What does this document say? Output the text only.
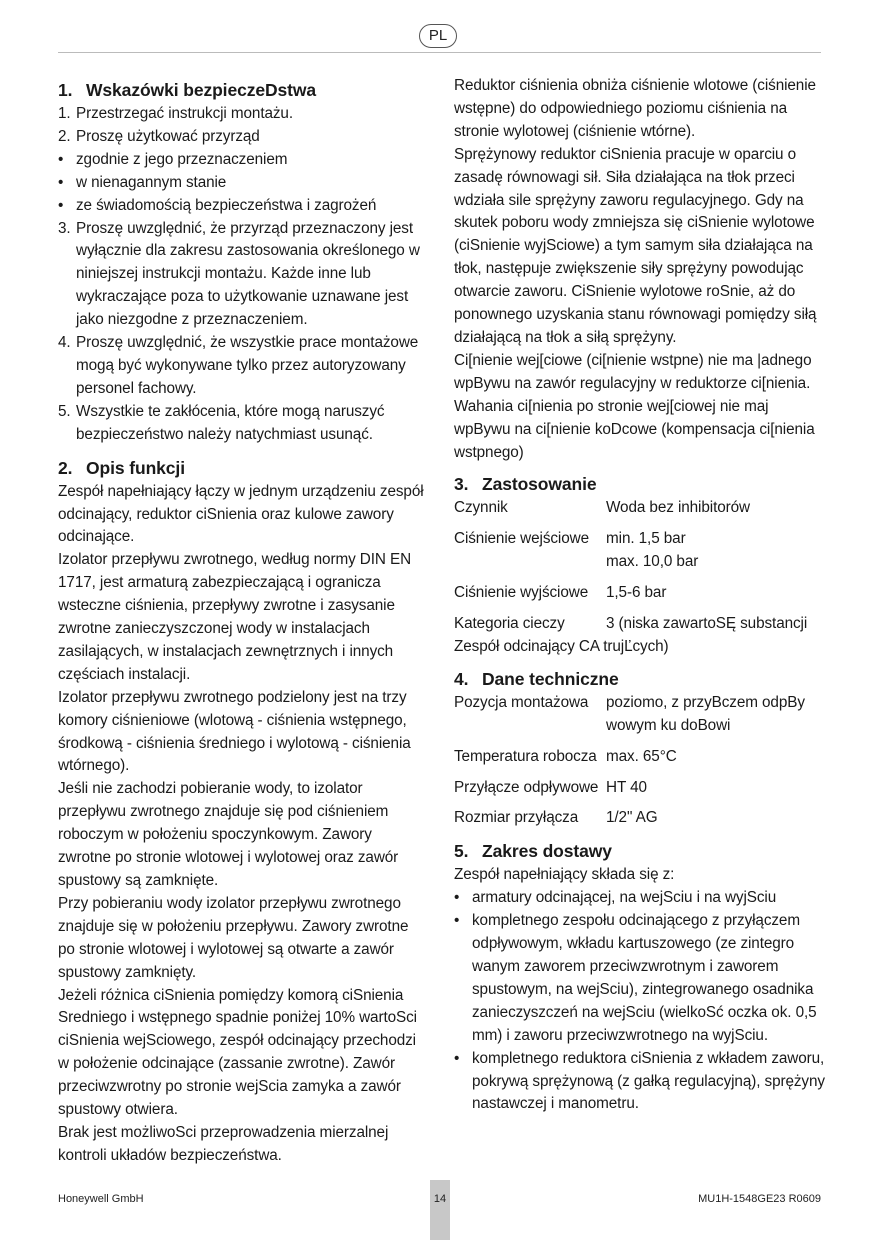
PL
1. Wskazówki bezpieczeDstwa
1. Przestrzegać instrukcji montażu.
2. Proszę użytkować przyrząd
• zgodnie z jego przeznaczeniem
• w nienagannym stanie
• ze świadomością bezpieczeństwa i zagrożeń
3. Proszę uwzględnić, że przyrząd przeznaczony jest wyłącznie dla zakresu zastosowania określonego w niniejszej instrukcji montażu. Każde inne lub wykraczające poza to użytkowanie uznawane jest jako niezgodne z przeznaczeniem.
4. Proszę uwzględnić, że wszystkie prace montażowe mogą być wykonywane tylko przez autoryzowany personel fachowy.
5. Wszystkie te zakłócenia, które mogą naruszyć bezpieczeństwo należy natychmiast usunąć.
2. Opis funkcji

Zespół napełniający łączy w jednym urządzeniu zespół odcinający, reduktor ciSnienia oraz kulowe zawory odcinające.

Izolator przepływu zwrotnego, według normy DIN EN 1717, jest armaturą zabezpieczającą i ogranicza wsteczne ciśnienia, przepływy zwrotne i zasysanie zwrotne zanieczyszczonej wody w instalacjach zasilających, w instalacjach zewnętrznych i innych częściach instalacji.

Izolator przepływu zwrotnego podzielony jest na trzy komory ciśnieniowe (wlotową - ciśnienia wstępnego, środkową - ciśnienia średniego i wylotową - ciśnienia wtórnego).

Jeśli nie zachodzi pobieranie wody, to izolator przepływu zwrotnego znajduje się pod ciśnieniem roboczym w położeniu spoczynkowym. Zawory zwrotne po stronie wlotowej i wylotowej oraz zawór spustowy są zamknięte.

Przy pobieraniu wody izolator przepływu zwrotnego znajduje się w położeniu przepływu. Zawory zwrotne po stronie wlotowej i wylotowej są otwarte a zawór spustowy zamknięty.

Jeżeli różnica ciSnienia pomiędzy komorą ciSnienia Sredniego i wstępnego spadnie poniżej 10% wartoSci ciSnienia wejSciowego, zespół odcinający przechodzi w położenie odcinające (zassanie zwrotne). Zawór przeciwzwrotny po stronie wejScia zamyka a zawór spustowy otwiera.

Brak jest możliwoSci przeprowadzenia mierzalnej kontroli układów bezpieczeństwa.

Reduktor ciśnienia obniża ciśnienie wlotowe (ciśnienie wstępne) do odpowiedniego poziomu ciśnienia na stronie wylotowej (ciśnienie wtórne).

Sprężynowy reduktor ciSnienia pracuje w oparciu o zasadę równowagi sił. Siła działająca na tłok przeci wdziała sile sprężyny zaworu regulacyjnego. Gdy na skutek poboru wody zmniejsza się ciSnienie wylotowe (ciSnienie wyjSciowe) a tym samym siła działająca na tłok, następuje zwiększenie siły sprężyny powodując otwarcie zaworu. CiSnienie wylotowe roSnie, aż do ponownego uzyskania stanu równowagi pomiędzy siłą działającą na tłok a siłą sprężyny.

Ci[nienie wej[ciowe (ci[nienie wstpne) nie ma |adnego wpBywu na zawór regulacyjny w reduktorze ci[nienia. Wahania ci[nienia po stronie wej[ciowej nie maj wpBywu na ci[nienie koDcowe (kompensacja ci[nienia wstpnego)

3. Zastosowanie
Czynnik	Woda bez inhibitorów
Ciśnienie wejściowe	min. 1,5 bar
max. 10,0 bar
Ciśnienie wyjściowe	1,5-6 bar
Kategoria cieczy	3 (niska zawartoSĘ substancji

Zespół odcinający CA trujĽcych)

4. Dane techniczne
Pozycja montażowa	poziomo, z przyBczem odpBy wowym ku doBowi
Temperatura robocza max. 65°C
Przyłącze odpływowe HT 40
Rozmiar przyłącza	1/2" AG
5. Zakres dostawy

Zespół napełniający składa się z:

• armatury odcinającej, na wejSciu i na wyjSciu
• kompletnego zespołu odcinającego z przyłączem odpływowym, wkładu kartuszowego (ze zintegro wanym zaworem przeciwzwrotnym i zaworem spustowym, na wejSciu), zintegrowanego osadnika zanieczyszczeń na wejSciu (wielkoSć oczka ok. 0,5 mm) i zaworu przeciwzwrotnego na wyjSciu.
• kompletnego reduktora ciSnienia z wkładem zaworu, pokrywą sprężynową (z gałką regulacyjną), sprężyny nastawczej i manometru.
Honeywell GmbH	14	MU1H-1548GE23 R0609
